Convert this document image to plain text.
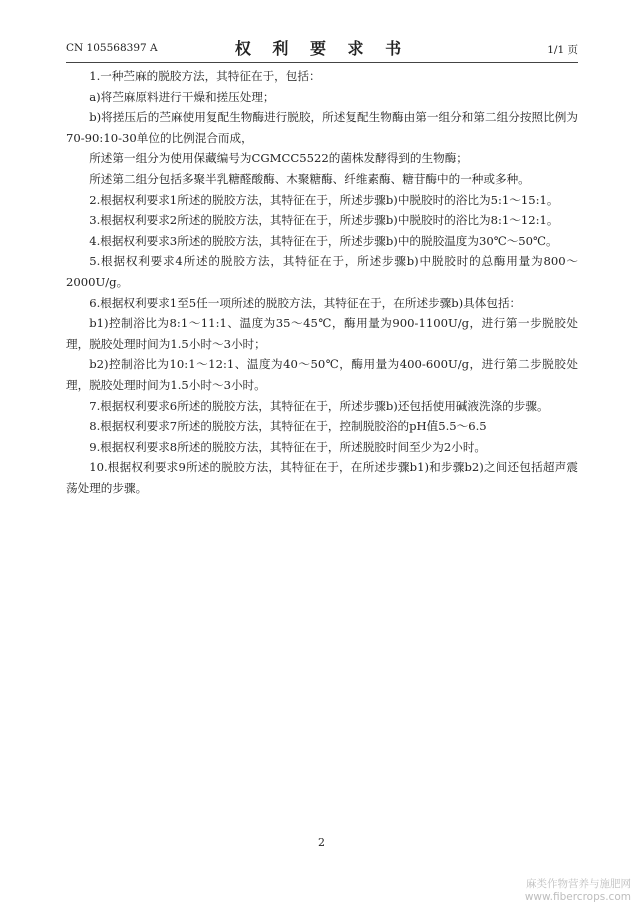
CN 105568397 A	权 利 要 求 书	1/1 页

1.一种苎麻的脱胶方法，其特征在于，包括：

a)将苎麻原料进行干燥和搓压处理；

b)将搓压后的苎麻使用复配生物酶进行脱胶，所述复配生物酶由第一组分和第二组分按照比例为70-90:10-30单位的比例混合而成，

所述第一组分为使用保藏编号为CGMCC5522的菌株发酵得到的生物酶；

所述第二组分包括多聚半乳糖醛酸酶、木聚糖酶、纤维素酶、糖苷酶中的一种或多种。

2.根据权利要求1所述的脱胶方法，其特征在于，所述步骤b)中脱胶时的浴比为5:1～15:1。

3.根据权利要求2所述的脱胶方法，其特征在于，所述步骤b)中脱胶时的浴比为8:1～12:1。

4.根据权利要求3所述的脱胶方法，其特征在于，所述步骤b)中的脱胶温度为30℃～50℃。

5.根据权利要求4所述的脱胶方法，其特征在于，所述步骤b)中脱胶时的总酶用量为800～2000U/g。

6.根据权利要求1至5任一项所述的脱胶方法，其特征在于，在所述步骤b)具体包括：

b1)控制浴比为8:1～11:1、温度为35～45℃，酶用量为900-1100U/g，进行第一步脱胶处理，脱胶处理时间为1.5小时～3小时；

b2)控制浴比为10:1～12:1、温度为40～50℃，酶用量为400-600U/g，进行第二步脱胶处理，脱胶处理时间为1.5小时～3小时。

7.根据权利要求6所述的脱胶方法，其特征在于，所述步骤b)还包括使用碱液洗涤的步骤。

8.根据权利要求7所述的脱胶方法，其特征在于，控制脱胶浴的pH值5.5～6.5

9.根据权利要求8所述的脱胶方法，其特征在于，所述脱胶时间至少为2小时。

10.根据权利要求9所述的脱胶方法，其特征在于，在所述步骤b1)和步骤b2)之间还包括超声震荡处理的步骤。

2
麻类作物营养与施肥网
www.fibercrops.com
